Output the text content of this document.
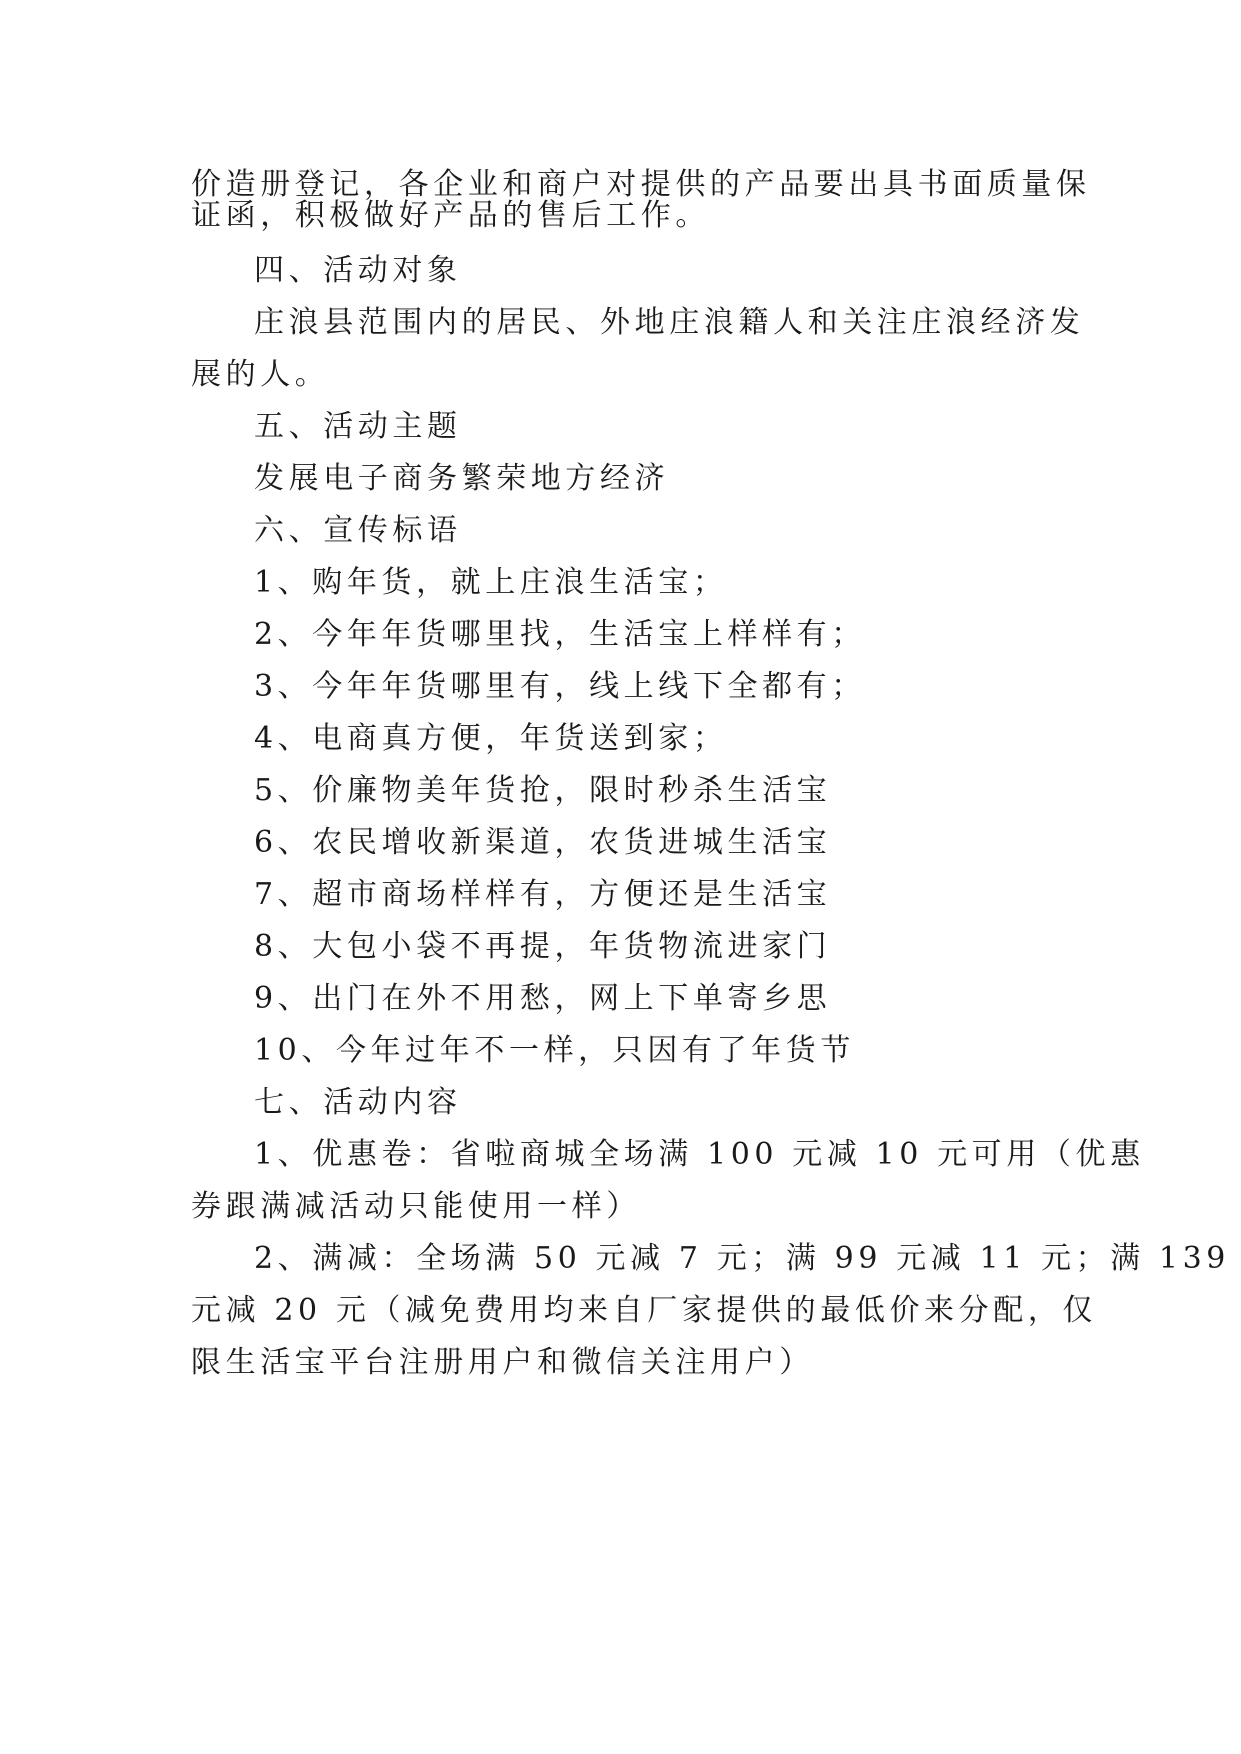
价造册登记，各企业和商户对提供的产品要出具书面质量保
证函，积极做好产品的售后工作。
四、活动对象
庄浪县范围内的居民、外地庄浪籍人和关注庄浪经济发
展的人。
五、活动主题
发展电子商务繁荣地方经济
六、宣传标语
1、购年货，就上庄浪生活宝；
2、今年年货哪里找，生活宝上样样有；
3、今年年货哪里有，线上线下全都有；
4、电商真方便，年货送到家；
5、价廉物美年货抢，限时秒杀生活宝
6、农民增收新渠道，农货进城生活宝
7、超市商场样样有，方便还是生活宝
8、大包小袋不再提，年货物流进家门
9、出门在外不用愁，网上下单寄乡思
10、今年过年不一样，只因有了年货节
七、活动内容
1、优惠卷：省啦商城全场满 100 元减 10 元可用（优惠
券跟满减活动只能使用一样）
2、满减：全场满 50 元减 7 元；满 99 元减 11 元；满 139
元减 20 元（减免费用均来自厂家提供的最低价来分配，仅
限生活宝平台注册用户和微信关注用户）
